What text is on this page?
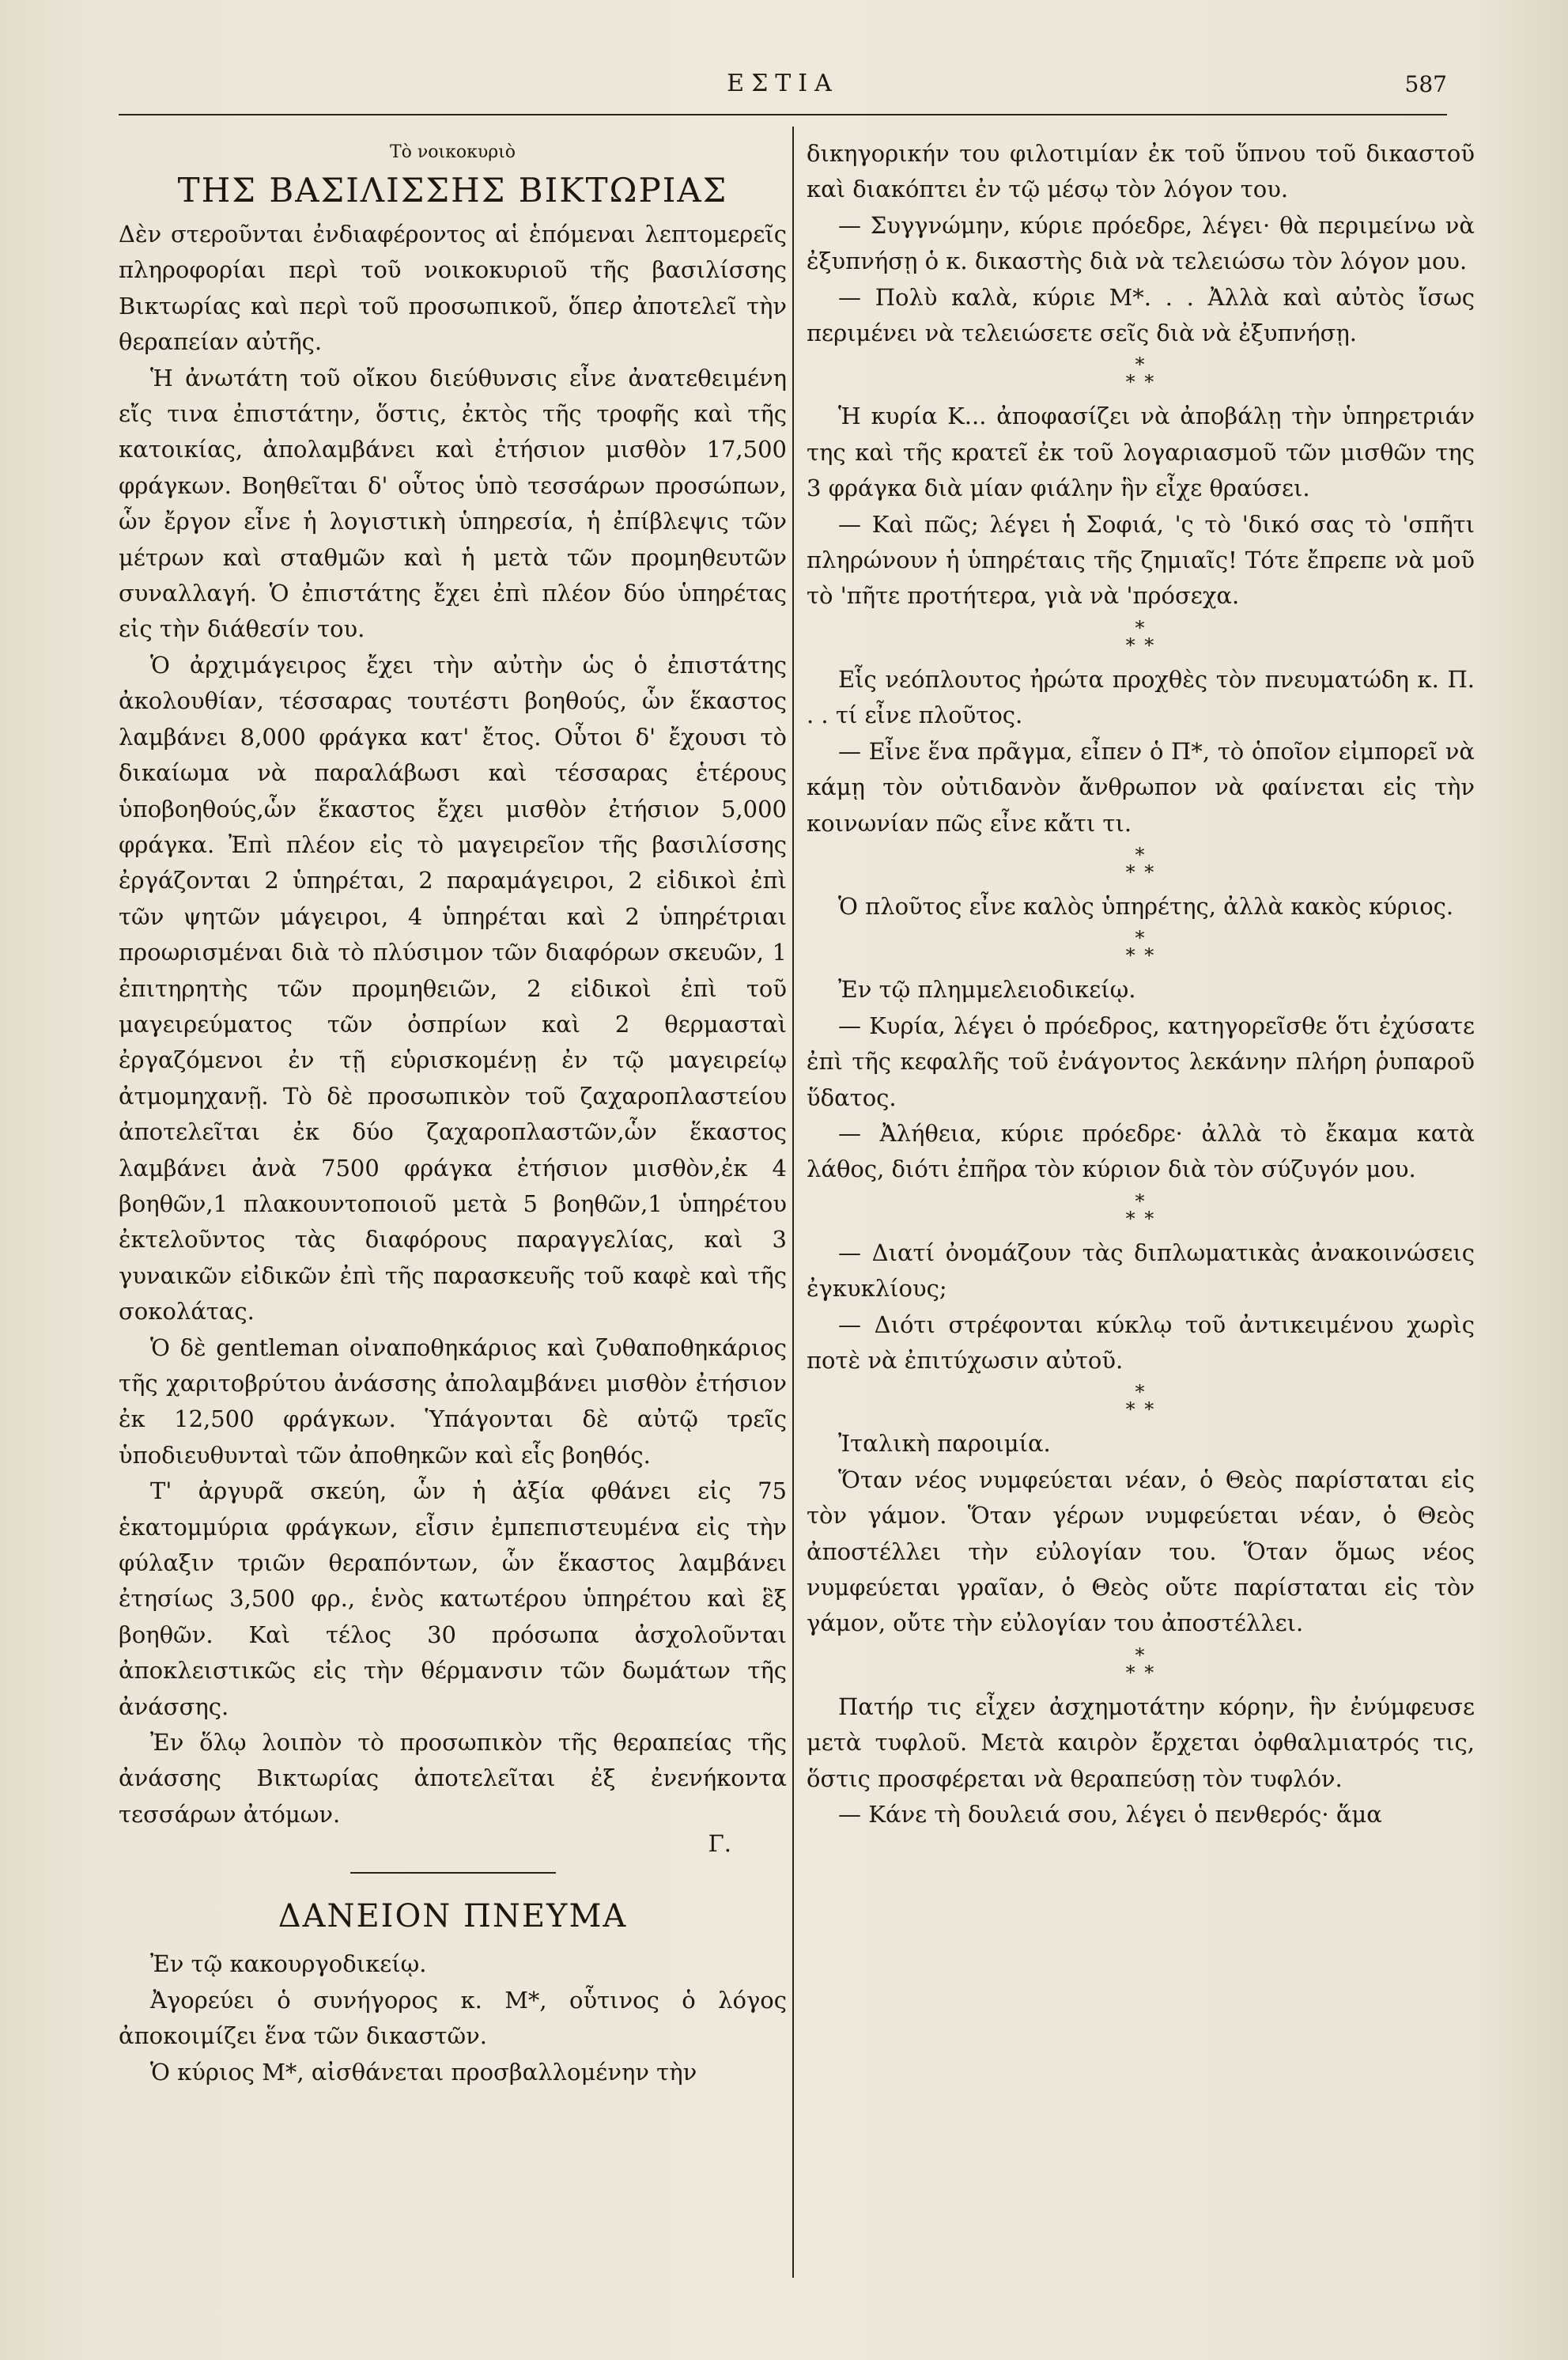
ΕΣΤΙΑ	587
Τὸ νοικοκυριὸ
ΤΗΣ ΒΑΣΙΛΙΣΣΗΣ ΒΙΚΤΩΡΙΑΣ

Δὲν στεροῦνται ἐνδιαφέροντος αἱ ἑπόμεναι λεπτομερεῖς πληροφορίαι περὶ τοῦ νοικοκυριοῦ τῆς βασιλίσσης Βικτωρίας καὶ περὶ τοῦ προσωπικοῦ, ὅπερ ἀποτελεῖ τὴν θεραπείαν αὐτῆς.

Ἡ ἀνωτάτη τοῦ οἴκου διεύθυνσις εἶνε ἀνατεθειμένη εἴς τινα ἐπιστάτην, ὅστις, ἐκτὸς τῆς τροφῆς καὶ τῆς κατοικίας, ἀπολαμβάνει καὶ ἐτήσιον μισθὸν 17,500 φράγκων. Βοηθεῖται δ' οὗτος ὑπὸ τεσσάρων προσώπων, ὧν ἔργον εἶνε ἡ λογιστικὴ ὑπηρεσία, ἡ ἐπίβλεψις τῶν μέτρων καὶ σταθμῶν καὶ ἡ μετὰ τῶν προμηθευτῶν συναλλαγή. Ὁ ἐπιστάτης ἔχει ἐπὶ πλέον δύο ὑπηρέτας εἰς τὴν διάθεσίν του.

Ὁ ἀρχιμάγειρος ἔχει τὴν αὐτὴν ὡς ὁ ἐπιστάτης ἀκολουθίαν, τέσσαρας τουτέστι βοηθούς, ὧν ἕκαστος λαμβάνει 8,000 φράγκα κατ' ἔτος. Οὗτοι δ' ἔχουσι τὸ δικαίωμα νὰ παραλάβωσι καὶ τέσσαρας ἑτέρους ὑποβοηθούς,ὧν ἕκαστος ἔχει μισθὸν ἐτήσιον 5,000 φράγκα. Ἐπὶ πλέον εἰς τὸ μαγειρεῖον τῆς βασιλίσσης ἐργάζονται 2 ὑπηρέται, 2 παραμάγειροι, 2 εἰδικοὶ ἐπὶ τῶν ψητῶν μάγειροι, 4 ὑπηρέται καὶ 2 ὑπηρέτριαι προωρισμέναι διὰ τὸ πλύσιμον τῶν διαφόρων σκευῶν, 1 ἐπιτηρητὴς τῶν προμηθειῶν, 2 εἰδικοὶ ἐπὶ τοῦ μαγειρεύματος τῶν ὀσπρίων καὶ 2 θερμασταὶ ἐργαζόμενοι ἐν τῇ εὑρισκομένῃ ἐν τῷ μαγειρείῳ ἀτμομηχανῇ. Τὸ δὲ προσωπικὸν τοῦ ζαχαροπλαστείου ἀποτελεῖται ἐκ δύο ζαχαροπλαστῶν,ὧν ἕκαστος λαμβάνει ἀνὰ 7500 φράγκα ἐτήσιον μισθὸν,ἐκ 4 βοηθῶν,1 πλακουντοποιοῦ μετὰ 5 βοηθῶν,1 ὑπηρέτου ἐκτελοῦντος τὰς διαφόρους παραγγελίας, καὶ 3 γυναικῶν εἰδικῶν ἐπὶ τῆς παρασκευῆς τοῦ καφὲ καὶ τῆς σοκολάτας.

Ὁ δὲ gentleman οἰναποθηκάριος καὶ ζυθαποθηκάριος τῆς χαριτοβρύτου ἀνάσσης ἀπολαμβάνει μισθὸν ἐτήσιον ἐκ 12,500 φράγκων. Ὑπάγονται δὲ αὐτῷ τρεῖς ὑποδιευθυνταὶ τῶν ἀποθηκῶν καὶ εἷς βοηθός.

Τ' ἀργυρᾶ σκεύη, ὧν ἡ ἀξία φθάνει εἰς 75 ἑκατομμύρια φράγκων, εἶσιν ἐμπεπιστευμένα εἰς τὴν φύλαξιν τριῶν θεραπόντων, ὧν ἕκαστος λαμβάνει ἐτησίως 3,500 φρ., ἑνὸς κατωτέρου ὑπηρέτου καὶ ἓξ βοηθῶν. Καὶ τέλος 30 πρόσωπα ἀσχολοῦνται ἀποκλειστικῶς εἰς τὴν θέρμανσιν τῶν δωμάτων τῆς ἀνάσσης.

Ἐν ὅλῳ λοιπὸν τὸ προσωπικὸν τῆς θεραπείας τῆς ἀνάσσης Βικτωρίας ἀποτελεῖται ἐξ ἐνενήκοντα τεσσάρων ἀτόμων.

Γ.
ΔΑΝΕΙΟΝ ΠΝΕΥΜΑ

Ἐν τῷ κακουργοδικείῳ.

Ἀγορεύει ὁ συνήγορος κ. Μ*, οὗτινος ὁ λόγος ἀποκοιμίζει ἕνα τῶν δικαστῶν.

Ὁ κύριος Μ*, αἰσθάνεται προσβαλλομένην τὴν

δικηγορικήν του φιλοτιμίαν ἐκ τοῦ ὕπνου τοῦ δικαστοῦ καὶ διακόπτει ἐν τῷ μέσῳ τὸν λόγον του.

— Συγγνώμην, κύριε πρόεδρε, λέγει· θὰ περιμείνω νὰ ἐξυπνήσῃ ὁ κ. δικαστὴς διὰ νὰ τελειώσω τὸν λόγον μου.

— Πολὺ καλὰ, κύριε Μ*. . . Ἀλλὰ καὶ αὐτὸς ἴσως περιμένει νὰ τελειώσετε σεῖς διὰ νὰ ἐξυπνήσῃ.

*
* *

Ἡ κυρία Κ... ἀποφασίζει νὰ ἀποβάλῃ τὴν ὑπηρετριάν της καὶ τῆς κρατεῖ ἐκ τοῦ λογαριασμοῦ τῶν μισθῶν της 3 φράγκα διὰ μίαν φιάλην ἣν εἶχε θραύσει.

— Καὶ πῶς; λέγει ἡ Σοφιά, 'ς τὸ 'δικό σας τὸ 'σπῆτι πληρώνουν ἡ ὑπηρέταις τῆς ζημιαῖς! Τότε ἔπρεπε νὰ μοῦ τὸ 'πῆτε προτήτερα, γιὰ νὰ 'πρόσεχα.

*
* *

Εἷς νεόπλουτος ἠρώτα προχθὲς τὸν πνευματώδη κ. Π. . . τί εἶνε πλοῦτος.

— Εἶνε ἕνα πρᾶγμα, εἶπεν ὁ Π*, τὸ ὁποῖον εἰμπορεῖ νὰ κάμῃ τὸν οὐτιδανὸν ἄνθρωπον νὰ φαίνεται εἰς τὴν κοινωνίαν πῶς εἶνε κἄτι τι.

*
* *

Ὁ πλοῦτος εἶνε καλὸς ὑπηρέτης, ἀλλὰ κακὸς κύριος.

*
* *

Ἐν τῷ πλημμελειοδικείῳ.

— Κυρία, λέγει ὁ πρόεδρος, κατηγορεῖσθε ὅτι ἐχύσατε ἐπὶ τῆς κεφαλῆς τοῦ ἐνάγοντος λεκάνην πλήρη ῥυπαροῦ ὕδατος.

— Ἀλήθεια, κύριε πρόεδρε· ἀλλὰ τὸ ἔκαμα κατὰ λάθος, διότι ἐπῆρα τὸν κύριον διὰ τὸν σύζυγόν μου.

*
* *

— Διατί ὀνομάζουν τὰς διπλωματικὰς ἀνακοινώσεις ἐγκυκλίους;

— Διότι στρέφονται κύκλῳ τοῦ ἀντικειμένου χωρὶς ποτὲ νὰ ἐπιτύχωσιν αὐτοῦ.

*
* *

Ἰταλικὴ παροιμία.

Ὅταν νέος νυμφεύεται νέαν, ὁ Θεὸς παρίσταται εἰς τὸν γάμον. Ὅταν γέρων νυμφεύεται νέαν, ὁ Θεὸς ἀποστέλλει τὴν εὐλογίαν του. Ὅταν ὅμως νέος νυμφεύεται γραῖαν, ὁ Θεὸς οὔτε παρίσταται εἰς τὸν γάμον, οὔτε τὴν εὐλογίαν του ἀποστέλλει.

*
* *

Πατήρ τις εἶχεν ἀσχημοτάτην κόρην, ἣν ἐνύμφευσε μετὰ τυφλοῦ. Μετὰ καιρὸν ἔρχεται ὀφθαλμιατρός τις, ὅστις προσφέρεται νὰ θεραπεύσῃ τὸν τυφλόν.

— Κάνε τὴ δουλειά σου, λέγει ὁ πενθερός· ἅμα
